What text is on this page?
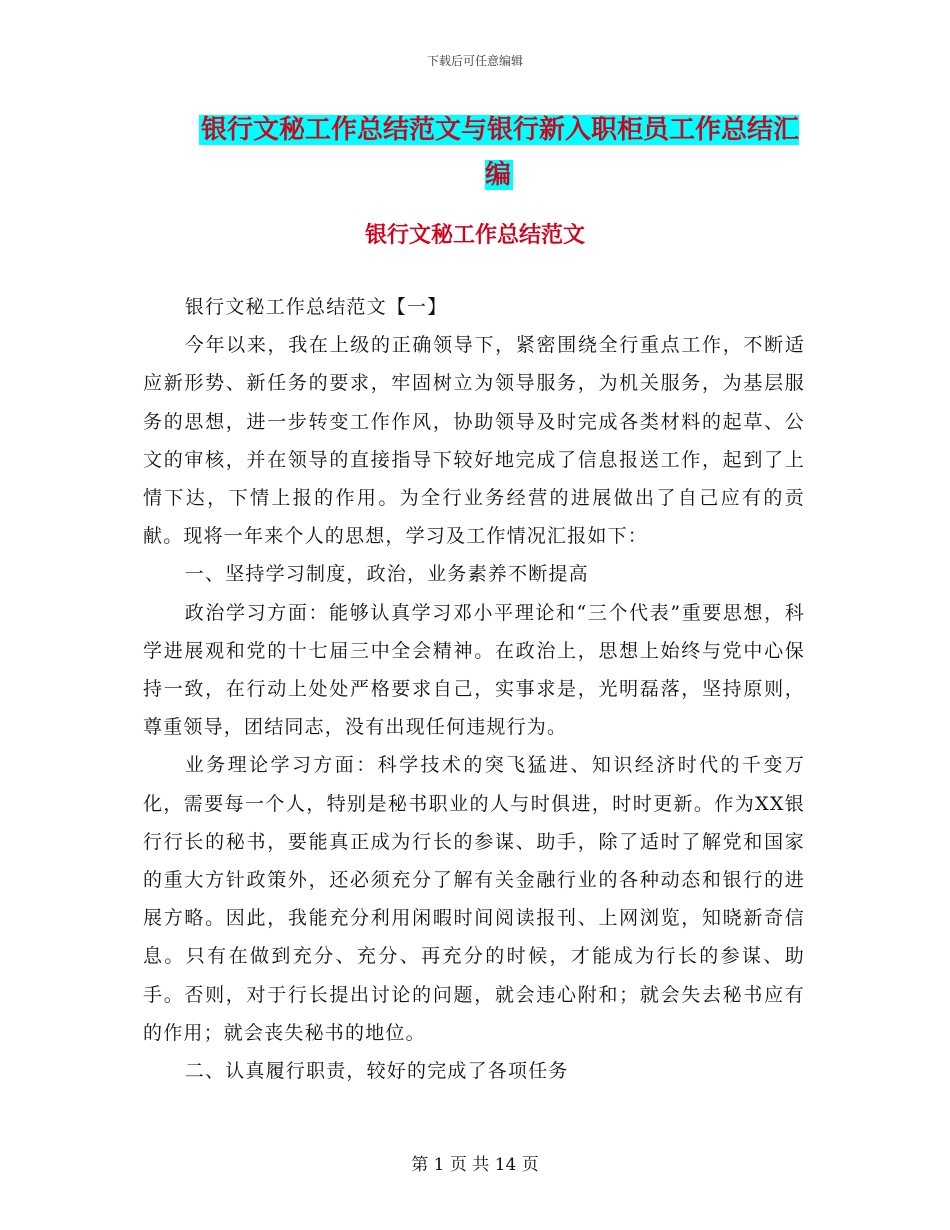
下载后可任意编辑
银行文秘工作总结范文与银行新入职柜员工作总结汇编
银行文秘工作总结范文

银行文秘工作总结范文【一】

今年以来，我在上级的正确领导下，紧密围绕全行重点工作，不断适应新形势、新任务的要求，牢固树立为领导服务，为机关服务，为基层服务的思想，进一步转变工作作风，协助领导及时完成各类材料的起草、公文的审核，并在领导的直接指导下较好地完成了信息报送工作，起到了上情下达，下情上报的作用。为全行业务经营的进展做出了自己应有的贡献。现将一年来个人的思想，学习及工作情况汇报如下：

一、坚持学习制度，政治，业务素养不断提高

政治学习方面：能够认真学习邓小平理论和“三个代表”重要思想，科学进展观和党的十七届三中全会精神。在政治上，思想上始终与党中心保持一致，在行动上处处严格要求自己，实事求是，光明磊落，坚持原则，尊重领导，团结同志，没有出现任何违规行为。

业务理论学习方面：科学技术的突飞猛进、知识经济时代的千变万化，需要每一个人，特别是秘书职业的人与时俱进，时时更新。作为XX银行行长的秘书，要能真正成为行长的参谋、助手，除了适时了解党和国家的重大方针政策外，还必须充分了解有关金融行业的各种动态和银行的进展方略。因此，我能充分利用闲暇时间阅读报刊、上网浏览，知晓新奇信息。只有在做到充分、充分、再充分的时候，才能成为行长的参谋、助手。否则，对于行长提出讨论的问题，就会违心附和；就会失去秘书应有的作用；就会丧失秘书的地位。

二、认真履行职责，较好的完成了各项任务

第 1 页 共 14 页
